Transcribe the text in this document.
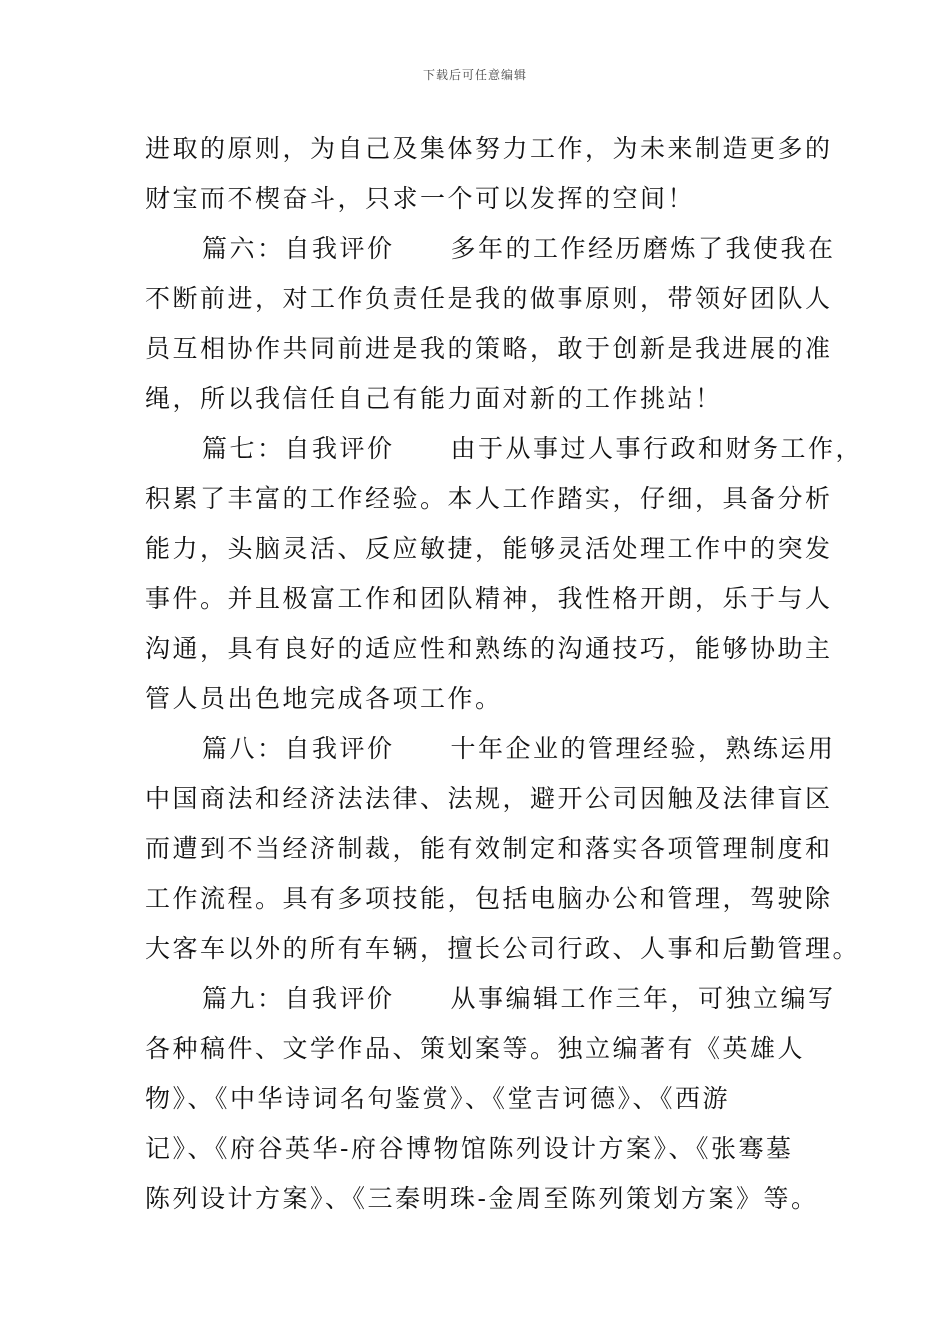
下载后可任意编辑
进取的原则，为自己及集体努力工作，为未来制造更多的
财宝而不楔奋斗，只求一个可以发挥的空间！
篇六：自我评价 多年的工作经历磨炼了我使我在
不断前进，对工作负责任是我的做事原则，带领好团队人
员互相协作共同前进是我的策略，敢于创新是我进展的准
绳，所以我信任自己有能力面对新的工作挑站！
篇七：自我评价 由于从事过人事行政和财务工作，
积累了丰富的工作经验。本人工作踏实，仔细，具备分析
能力，头脑灵活、反应敏捷，能够灵活处理工作中的突发
事件。并且极富工作和团队精神，我性格开朗，乐于与人
沟通，具有良好的适应性和熟练的沟通技巧，能够协助主
管人员出色地完成各项工作。
篇八：自我评价 十年企业的管理经验，熟练运用
中国商法和经济法法律、法规，避开公司因触及法律盲区
而遭到不当经济制裁，能有效制定和落实各项管理制度和
工作流程。具有多项技能，包括电脑办公和管理，驾驶除
大客车以外的所有车辆，擅长公司行政、人事和后勤管理。
篇九：自我评价 从事编辑工作三年，可独立编写
各种稿件、文学作品、策划案等。独立编著有《英雄人
物》、《中华诗词名句鉴赏》、《堂吉诃德》、《西游
记》、《府谷英华-府谷博物馆陈列设计方案》、《张骞墓
陈列设计方案》、《三秦明珠-金周至陈列策划方案》等。
